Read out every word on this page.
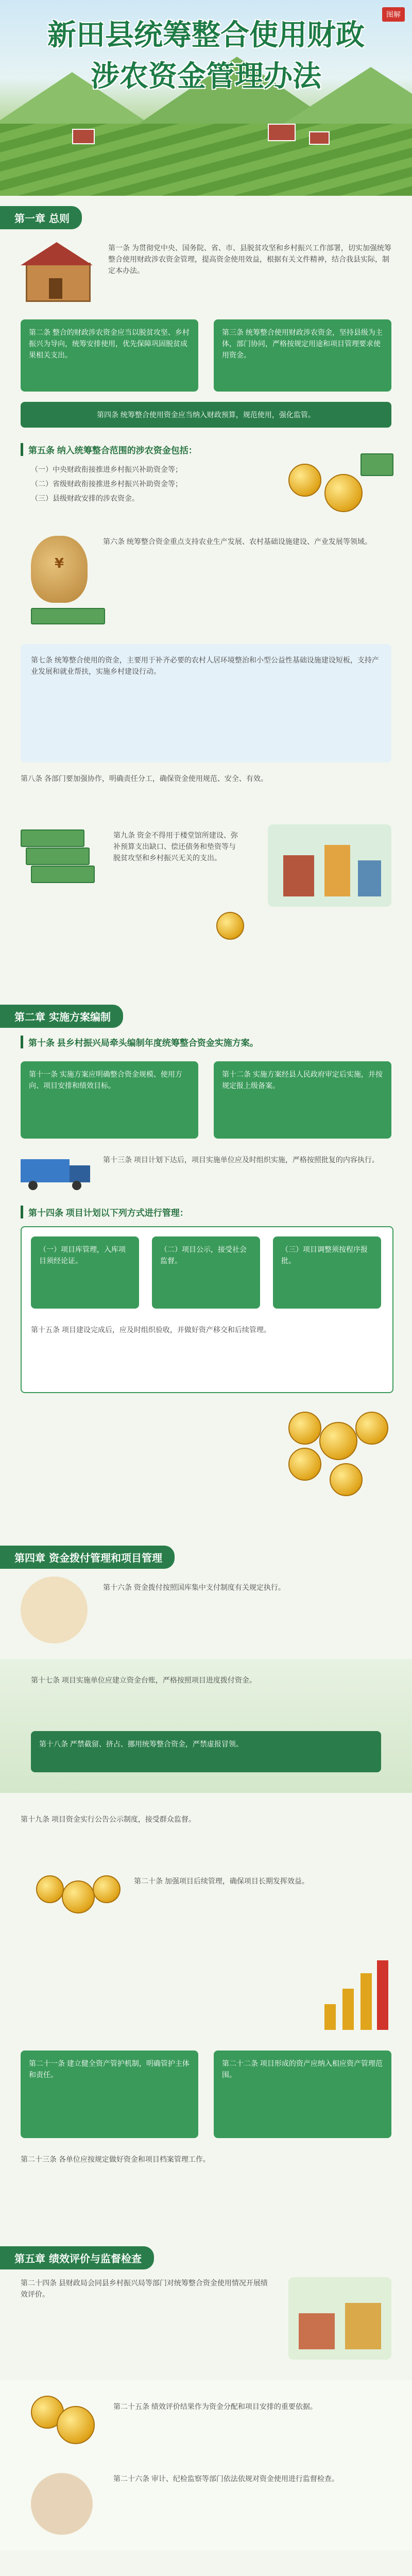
新田县统筹整合使用财政
涉农资金管理办法
图解
第一章 总则
第一条 为贯彻党中央、国务院、省、市、县脱贫攻坚和乡村振兴工作部署，切实加强统筹整合使用财政涉农资金管理，提高资金使用效益，根据有关文件精神，结合我县实际，制定本办法。
第二条 整合的财政涉农资金应当以脱贫攻坚、乡村振兴为导向，统筹安排使用，优先保障巩固脱贫成果相关支出。
第三条 统筹整合使用财政涉农资金，坚持县级为主体，部门协同，严格按规定用途和项目管理要求使用资金。
第四条 统筹整合使用资金应当纳入财政预算，规范使用，强化监管。
第五条 纳入统筹整合范围的涉农资金包括：
（一）中央财政衔接推进乡村振兴补助资金等；
（二）省级财政衔接推进乡村振兴补助资金等；
（三）县级财政安排的涉农资金。
¥
第六条 统筹整合资金重点支持农业生产发展、农村基础设施建设、产业发展等领域。
第七条 统筹整合使用的资金，主要用于补齐必要的农村人居环境整治和小型公益性基础设施建设短板，支持产业发展和就业帮扶，实施乡村建设行动。
第八条 各部门要加强协作，明确责任分工，确保资金使用规范、安全、有效。
第九条 资金不得用于楼堂馆所建设、弥补预算支出缺口、偿还债务和垫资等与脱贫攻坚和乡村振兴无关的支出。
第二章 实施方案编制
第十条 县乡村振兴局牵头编制年度统筹整合资金实施方案。
第十一条 实施方案应明确整合资金规模、使用方向、项目安排和绩效目标。
第十二条 实施方案经县人民政府审定后实施，并按规定报上级备案。
第十三条 项目计划下达后，项目实施单位应及时组织实施，严格按照批复的内容执行。
第十四条 项目计划以下列方式进行管理：
（一）项目库管理，入库项目须经论证。
（二）项目公示，接受社会监督。
（三）项目调整须按程序报批。
第十五条 项目建设完成后，应及时组织验收，并做好资产移交和后续管理。
第四章 资金拨付管理和项目管理
第十六条 资金拨付按照国库集中支付制度有关规定执行。
第十七条 项目实施单位应建立资金台账，严格按照项目进度拨付资金。
第十八条 严禁截留、挤占、挪用统筹整合资金，严禁虚报冒领。
第十九条 项目资金实行公告公示制度，接受群众监督。
第二十条 加强项目后续管理，确保项目长期发挥效益。
第二十一条 建立健全资产管护机制，明确管护主体和责任。
第二十二条 项目形成的资产应纳入相应资产管理范围。
第二十三条 各单位应按规定做好资金和项目档案管理工作。
第五章 绩效评价与监督检查
第二十四条 县财政局会同县乡村振兴局等部门对统筹整合资金使用情况开展绩效评价。
第二十五条 绩效评价结果作为资金分配和项目安排的重要依据。
第二十六条 审计、纪检监察等部门依法依规对资金使用进行监督检查。
